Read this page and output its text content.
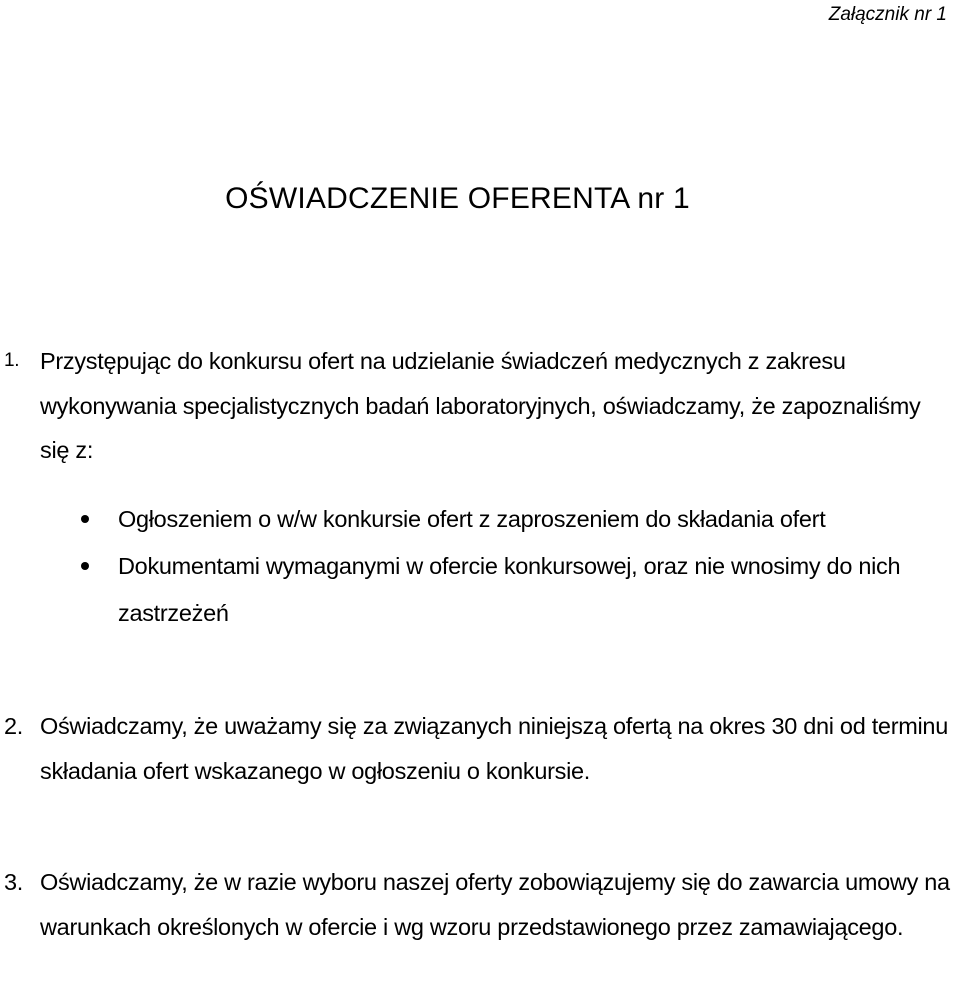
Załącznik nr 1
OŚWIADCZENIE OFERENTA nr 1
1. Przystępując do konkursu ofert na udzielanie świadczeń medycznych z zakresu wykonywania specjalistycznych badań laboratoryjnych, oświadczamy, że zapoznaliśmy się z:
Ogłoszeniem o w/w konkursie ofert z zaproszeniem do składania ofert
Dokumentami wymaganymi w ofercie konkursowej, oraz nie wnosimy do nich zastrzeżeń
2. Oświadczamy, że uważamy się za związanych niniejszą ofertą na okres 30 dni od terminu składania ofert wskazanego w ogłoszeniu o konkursie.
3. Oświadczamy, że w razie wyboru naszej oferty zobowiązujemy się do zawarcia umowy na warunkach określonych w ofercie i wg wzoru przedstawionego przez zamawiającego.
